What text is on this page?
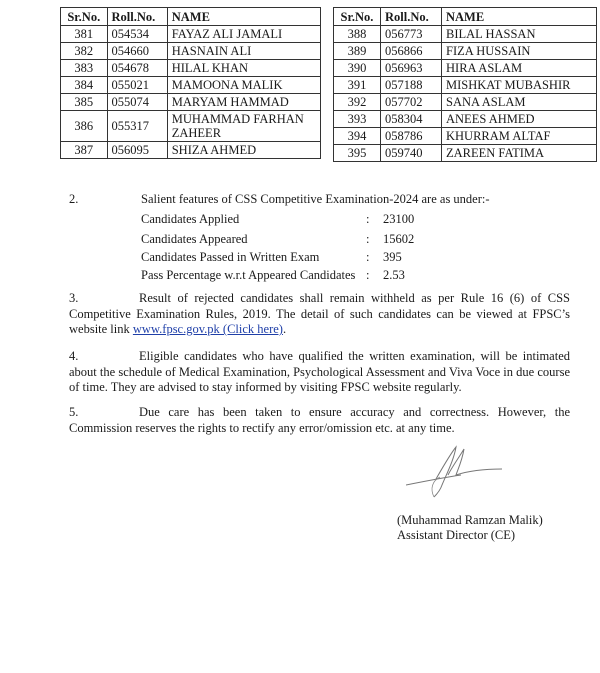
Sr.No.	Roll.No.	NAME
381	054534	FAYAZ ALI JAMALI
382	054660	HASNAIN ALI
383	054678	HILAL KHAN
384	055021	MAMOONA MALIK
385	055074	MARYAM HAMMAD
386	055317	MUHAMMAD FARHAN ZAHEER
387	056095	SHIZA AHMED
Sr.No.	Roll.No.	NAME
388	056773	BILAL HASSAN
389	056866	FIZA HUSSAIN
390	056963	HIRA ASLAM
391	057188	MISHKAT MUBASHIR
392	057702	SANA ASLAM
393	058304	ANEES AHMED
394	058786	KHURRAM ALTAF
395	059740	ZAREEN FATIMA
2.	Salient features of CSS Competitive Examination-2024 are as under:-
Candidates Applied	: 23100
Candidates Appeared	: 15602
Candidates Passed in Written Exam	: 395
Pass Percentage w.r.t Appeared Candidates : 2.53
3.	Result of rejected candidates shall remain withheld as per Rule 16 (6) of CSS Competitive Examination Rules, 2019. The detail of such candidates can be viewed at FPSC’s website link www.fpsc.gov.pk (Click here).
4.	Eligible candidates who have qualified the written examination, will be intimated about the schedule of Medical Examination, Psychological Assessment and Viva Voce in due course of time. They are advised to stay informed by visiting FPSC website regularly.
5.	Due care has been taken to ensure accuracy and correctness. However, the Commission reserves the rights to rectify any error/omission etc. at any time.
(Muhammad Ramzan Malik)
Assistant Director (CE)
